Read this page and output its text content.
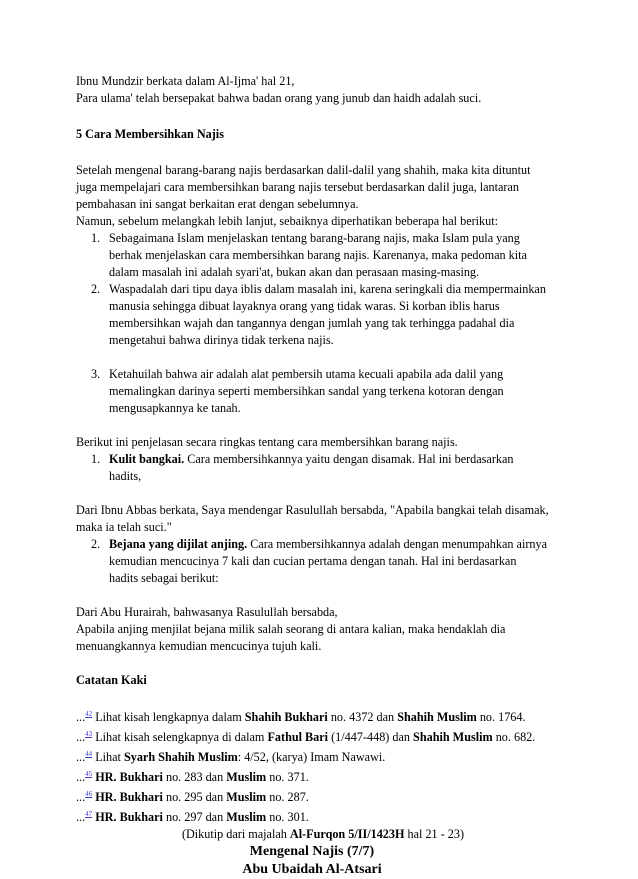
Ibnu Mundzir berkata dalam Al-Ijma' hal 21,
Para ulama' telah bersepakat bahwa badan orang yang junub dan haidh adalah suci.
5 Cara Membersihkan Najis
Setelah mengenal barang-barang najis berdasarkan dalil-dalil yang shahih, maka kita dituntut
juga mempelajari cara membersihkan barang najis tersebut berdasarkan dalil juga, lantaran
pembahasan ini sangat berkaitan erat dengan sebelumnya.
Namun, sebelum melangkah lebih lanjut, sebaiknya diperhatikan beberapa hal berikut:
1. Sebagaimana Islam menjelaskan tentang barang-barang najis, maka Islam pula yang
berhak menjelaskan cara membersihkan barang najis. Karenanya, maka pedoman kita
dalam masalah ini adalah syari'at, bukan akan dan perasaan masing-masing.
2. Waspadalah dari tipu daya iblis dalam masalah ini, karena seringkali dia mempermainkan
manusia sehingga dibuat layaknya orang yang tidak waras. Si korban iblis harus
membersihkan wajah dan tangannya dengan jumlah yang tak terhingga padahal dia
mengetahui bahwa dirinya tidak terkena najis.
3. Ketahuilah bahwa air adalah alat pembersih utama kecuali apabila ada dalil yang
memalingkan darinya seperti membersihkan sandal yang terkena kotoran dengan
mengusapkannya ke tanah.
Berikut ini penjelasan secara ringkas tentang cara membersihkan barang najis.
1. Kulit bangkai. Cara membersihkannya yaitu dengan disamak. Hal ini berdasarkan
hadits,
Dari Ibnu Abbas berkata, Saya mendengar Rasulullah bersabda, "Apabila bangkai telah disamak,
maka ia telah suci."
2. Bejana yang dijilat anjing. Cara membersihkannya adalah dengan menumpahkan airnya
kemudian mencucinya 7 kali dan cucian pertama dengan tanah. Hal ini berdasarkan
hadits sebagai berikut:
Dari Abu Hurairah, bahwasanya Rasulullah bersabda,
Apabila anjing menjilat bejana milik salah seorang di antara kalian, maka hendaklah dia
menuangkannya kemudian mencucinya tujuh kali.
Catatan Kaki
...$^{42}$ Lihat kisah lengkapnya dalam Shahih Bukhari no. 4372 dan Shahih Muslim no. 1764.
...$^{43}$ Lihat kisah selengkapnya di dalam Fathul Bari (1/447-448) dan Shahih Muslim no. 682.
...$^{44}$ Lihat Syarh Shahih Muslim: 4/52, (karya) Imam Nawawi.
...$^{45}$ HR. Bukhari no. 283 dan Muslim no. 371.
...$^{46}$ HR. Bukhari no. 295 dan Muslim no. 287.
...$^{47}$ HR. Bukhari no. 297 dan Muslim no. 301.
(Dikutip dari majalah Al-Furqon 5/II/1423H hal 21 - 23)
Mengenal Najis (7/7)
Abu Ubaidah Al-Atsari
